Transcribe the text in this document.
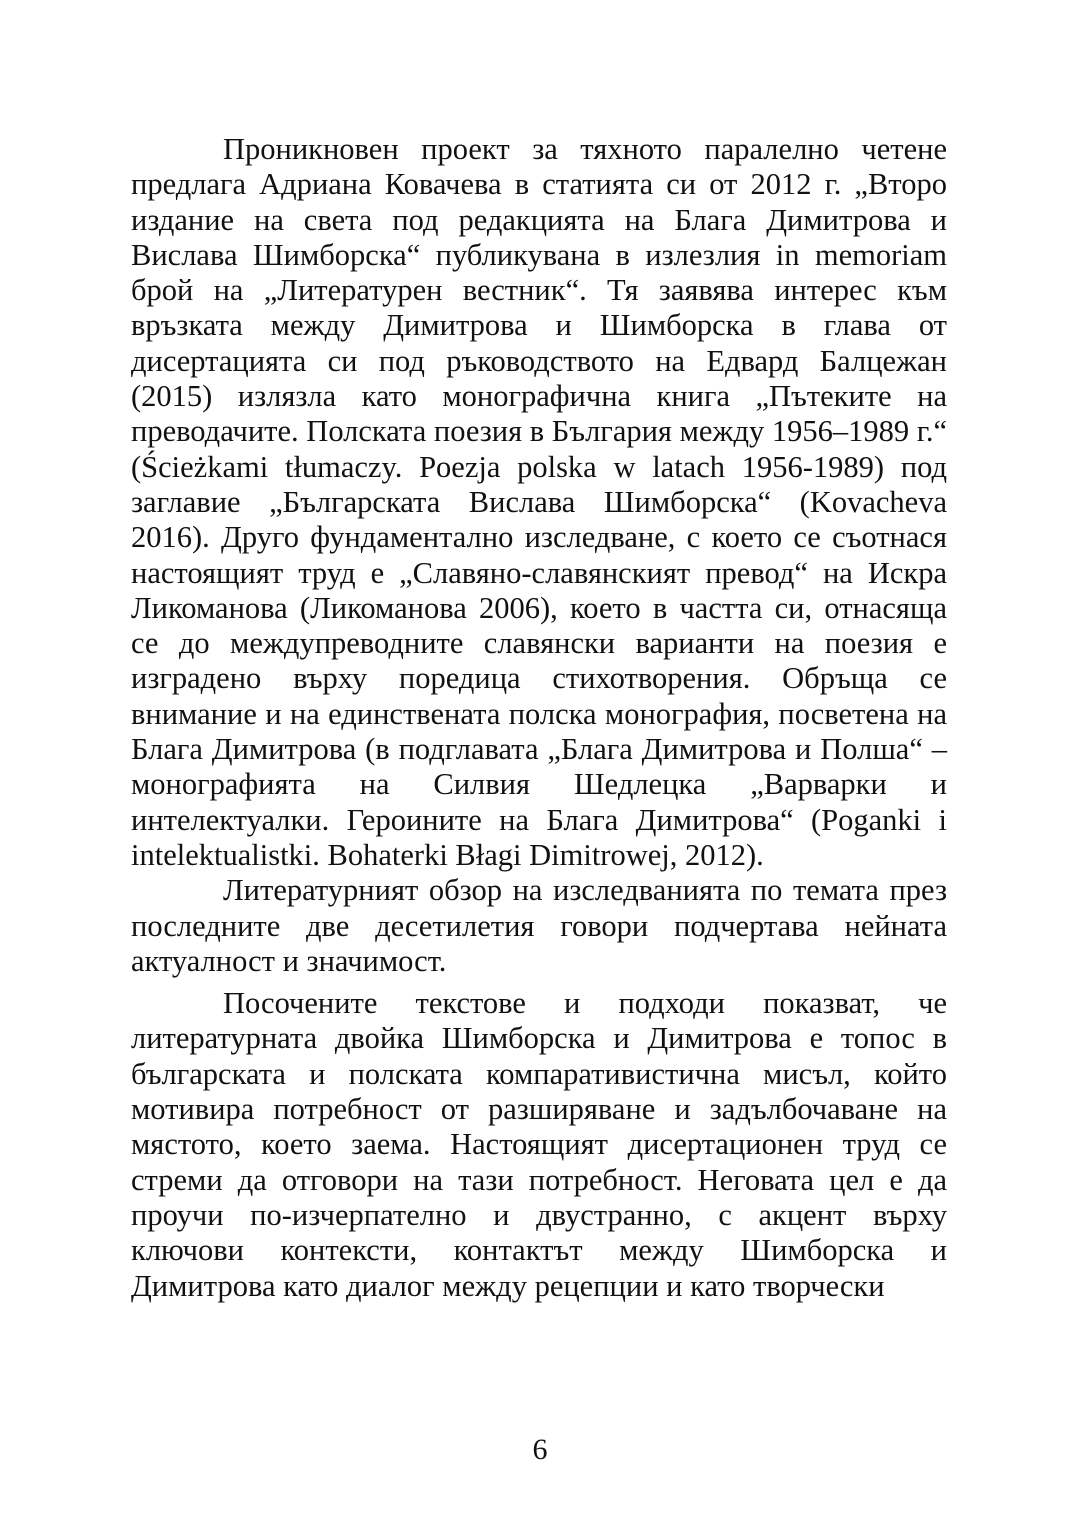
Проникновен проект за тяхното паралелно четене предлага Адриана Ковачева в статията си от 2012 г. „Второ издание на света под редакцията на Блага Димитрова и Вислава Шимборска“ публикувана в излезлия in memoriam брой на „Литературен вестник“. Тя заявява интерес към връзката между Димитрова и Шимборска в глава от дисертацията си под ръководството на Едвард Балцежан (2015) излязла като монографична книга „Пътеките на преводачите. Полската поезия в България между 1956–1989 г.“ (Ścieżkami tłumaczy. Poezja polska w latach 1956-1989) под заглавие „Българската Вислава Шимборска“ (Kovacheva 2016). Друго фундаментално изследване, с което се съотнася настоящият труд е „Славяно-славянският превод“ на Искра Ликоманова (Ликоманова 2006), което в частта си, отнасяща се до междупреводните славянски варианти на поезия е изградено върху поредица стихотворения. Обръща се внимание и на единствената полска монография, посветена на Блага Димитрова (в подглавата „Блага Димитрова и Полша“ – монографията на Силвия Шедлецка „Варварки и интелектуалки. Героините на Блага Димитрова“ (Poganki i intelektualistki. Bohaterki Błagi Dimitrowej, 2012).

Литературният обзор на изследванията по темата през последните две десетилетия говори подчертава нейната актуалност и значимост.

Посочените текстове и подходи показват, че литературната двойка Шимборска и Димитрова е топос в българската и полската компаративистична мисъл, който мотивира потребност от разширяване и задълбочаване на мястото, което заема. Настоящият дисертационен труд се стреми да отговори на тази потребност. Неговата цел е да проучи по-изчерпателно и двустранно, с акцент върху ключови контексти, контактът между Шимборска и Димитрова като диалог между рецепции и като творчески

6
